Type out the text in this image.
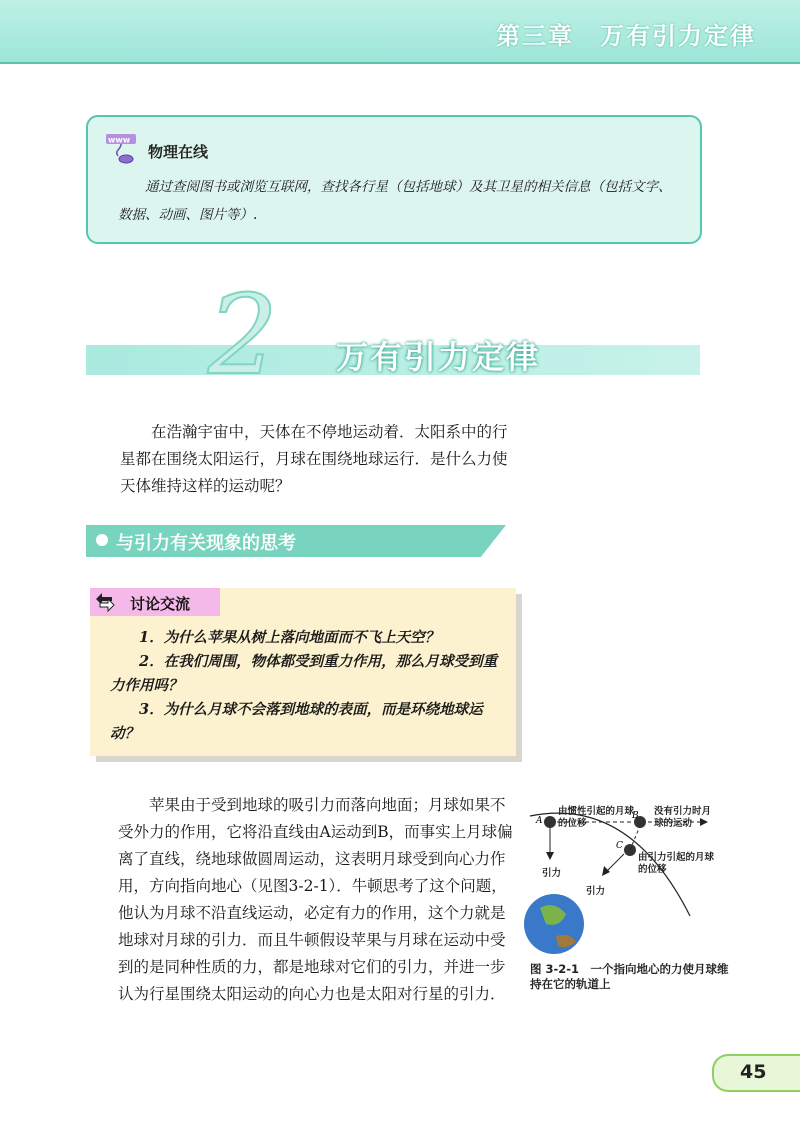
第三章　万有引力定律
www
物理在线
通过查阅图书或浏览互联网，查找各行星（包括地球）及其卫星的相关信息（包括文字、数据、动画、图片等）.
2 万有引力定律
在浩瀚宇宙中，天体在不停地运动着．太阳系中的行星都在围绕太阳运行，月球在围绕地球运行．是什么力使天体维持这样的运动呢？
与引力有关现象的思考
讨论交流

1．为什么苹果从树上落向地面而不飞上天空？

2．在我们周围，物体都受到重力作用，那么月球受到重力作用吗？

3．为什么月球不会落到地球的表面，而是环绕地球运动？

苹果由于受到地球的吸引力而落向地面；月球如果不受外力的作用，它将沿直线由A运动到B，而事实上月球偏离了直线，绕地球做圆周运动，这表明月球受到向心力作用，方向指向地心（见图3-2-1）．牛顿思考了这个问题，他认为月球不沿直线运动，必定有力的作用，这个力就是地球对月球的引力．而且牛顿假设苹果与月球在运动中受到的是同种性质的力，都是地球对它们的引力，并进一步认为行星围绕太阳运动的向心力也是太阳对行星的引力．
A	B
C
由惯性引起的月球的位移
没有引力时月球的运动
由引力引起的月球的位移
引力
引力
图 3-2-1　一个指向地心的力使月球维持在它的轨道上
45
